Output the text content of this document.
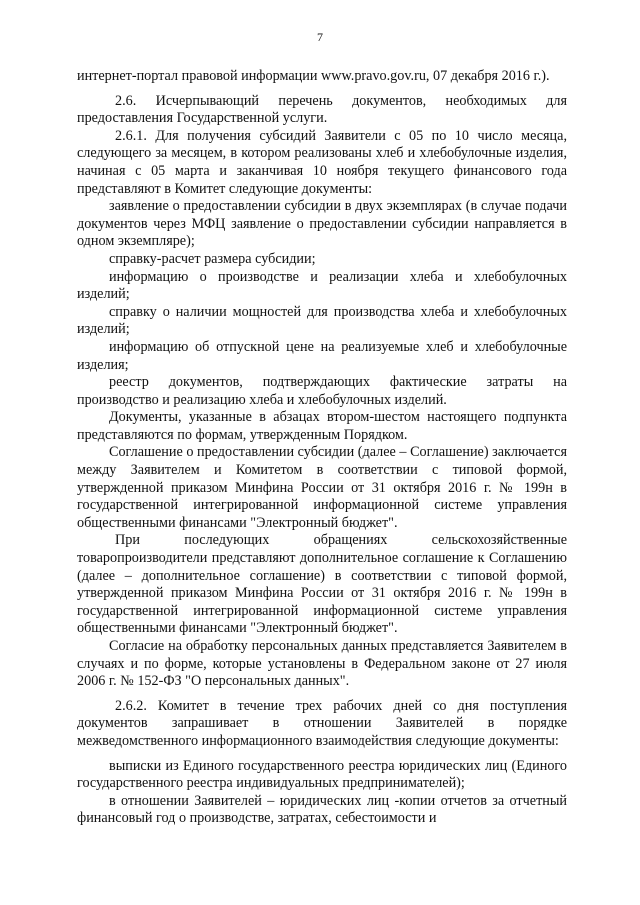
7

интернет-портал правовой информации www.pravo.gov.ru, 07 декабря 2016 г.).

2.6. Исчерпывающий перечень документов, необходимых для предоставления Государственной услуги.

2.6.1. Для получения субсидий Заявители с 05 по 10 число месяца, следующего за месяцем, в котором реализованы хлеб и хлебобулочные изделия, начиная с 05 марта и заканчивая 10 ноября текущего финансового года представляют в Комитет следующие документы:

заявление о предоставлении субсидии в двух экземплярах (в случае подачи документов через МФЦ заявление о предоставлении субсидии направляется в одном экземпляре);

справку-расчет размера субсидии;

информацию о производстве и реализации хлеба и хлебобулочных изделий;

справку о наличии мощностей для производства хлеба и хлебобулочных изделий;

информацию об отпускной цене на реализуемые хлеб и хлебобулочные изделия;

реестр документов, подтверждающих фактические затраты на производство и реализацию хлеба и хлебобулочных изделий.

Документы, указанные в абзацах втором-шестом настоящего подпункта представляются по формам, утвержденным Порядком.

Соглашение о предоставлении субсидии (далее – Соглашение) заключается между Заявителем и Комитетом в соответствии с типовой формой, утвержденной приказом Минфина России от 31 октября 2016 г. № 199н в государственной интегрированной информационной системе управления общественными финансами "Электронный бюджет".

При последующих обращениях сельскохозяйственные товаропроизводители представляют дополнительное соглашение к Соглашению (далее – дополнительное соглашение) в соответствии с типовой формой, утвержденной приказом Минфина России от 31 октября 2016 г. № 199н в государственной интегрированной информационной системе управления общественными финансами "Электронный бюджет".

Согласие на обработку персональных данных представляется Заявителем в случаях и по форме, которые установлены в Федеральном законе от 27 июля 2006 г. № 152-ФЗ "О персональных данных".

2.6.2. Комитет в течение трех рабочих дней со дня поступления документов запрашивает в отношении Заявителей в порядке межведомственного информационного взаимодействия следующие документы:

выписки из Единого государственного реестра юридических лиц (Единого государственного реестра индивидуальных предпринимателей);

в отношении Заявителей – юридических лиц -копии отчетов за отчетный финансовый год о производстве, затратах, себестоимости и
